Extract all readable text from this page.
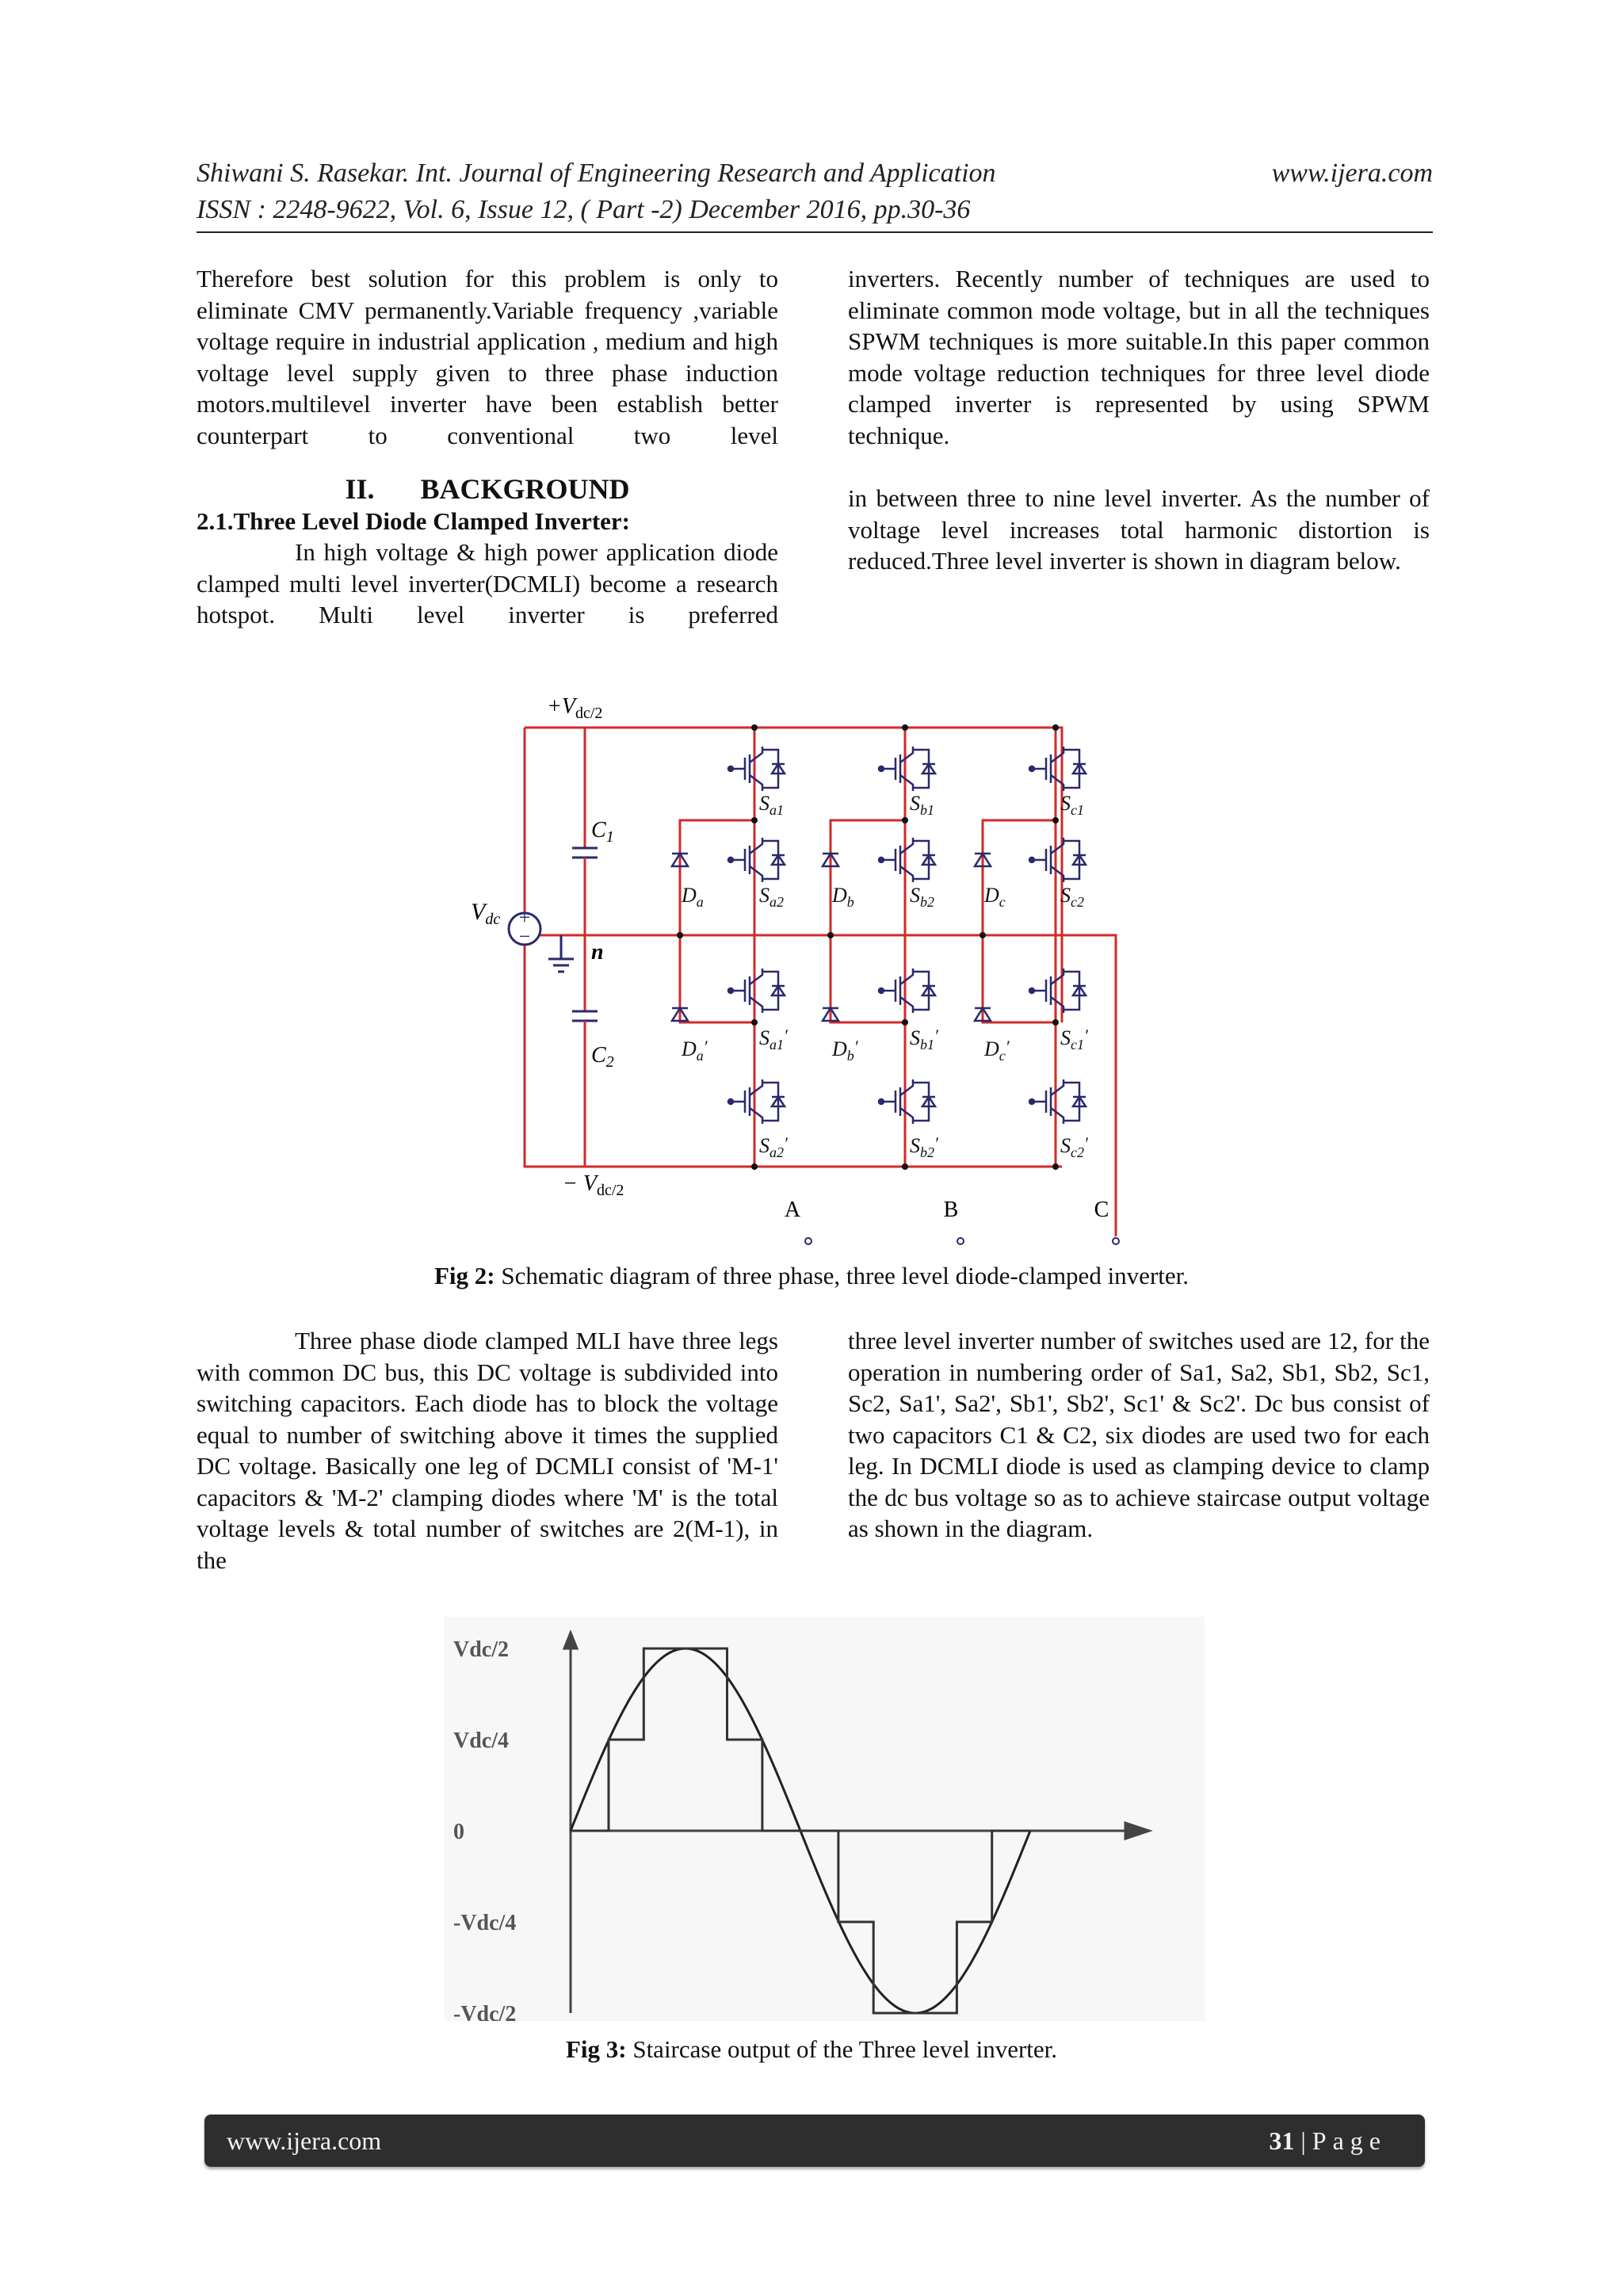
Shiwani S. Rasekar. Int. Journal of Engineering Research and Application	www.ijera.com
ISSN : 2248-9622, Vol. 6, Issue 12, ( Part -2) December 2016, pp.30-36

Therefore best solution for this problem is only to eliminate CMV permanently.Variable frequency ,variable voltage require in industrial application , medium and high voltage level supply given to three phase induction motors.multilevel inverter have been establish better counterpart to conventional two level

II. BACKGROUND
2.1.Three Level Diode Clamped Inverter:

In high voltage & high power application diode clamped multi level inverter(DCMLI) become a research hotspot. Multi level inverter is preferred

inverters. Recently number of techniques are used to eliminate common mode voltage, but in all the techniques SPWM techniques is more suitable.In this paper common mode voltage reduction techniques for three level diode clamped inverter is represented by using SPWM technique.

in between three to nine level inverter. As the number of voltage level increases total harmonic distortion is reduced.Three level inverter is shown in diagram below.

$S_{a1}$
$S_{a2}$
$S_{a1}'$
$S_{a2}'$
$D_a$
$D_a'$
$S_{b1}$
$S_{b2}$
$S_{b1}'$
$S_{b2}'$
$D_b$
$D_b'$
$S_{c1}$
$S_{c2}$
$S_{c1}'$
$S_{c2}'$
$D_c$
$D_c'$
+
−
$V_{dc}$
$C_1$
$C_2$
n
$+V_{dc/2}$
− $V_{dc/2}$
A	B	C
Fig 2: Schematic diagram of three phase, three level diode-clamped inverter.

Three phase diode clamped MLI have three legs with common DC bus, this DC voltage is subdivided into switching capacitors. Each diode has to block the voltage equal to number of switching above it times the supplied DC voltage. Basically one leg of DCMLI consist of 'M-1' capacitors & 'M-2' clamping diodes where 'M' is the total voltage levels & total number of switches are 2(M-1), in the

three level inverter number of switches used are 12, for the operation in numbering order of Sa1, Sa2, Sb1, Sb2, Sc1, Sc2, Sa1', Sa2', Sb1', Sb2', Sc1' & Sc2'. Dc bus consist of two capacitors C1 & C2, six diodes are used two for each leg. In DCMLI diode is used as clamping device to clamp the dc bus voltage so as to achieve staircase output voltage as shown in the diagram.

Vdc/2
Vdc/4
0
-Vdc/4
-Vdc/2
Fig 3: Staircase output of the Three level inverter.
www.ijera.com	31 | Page
